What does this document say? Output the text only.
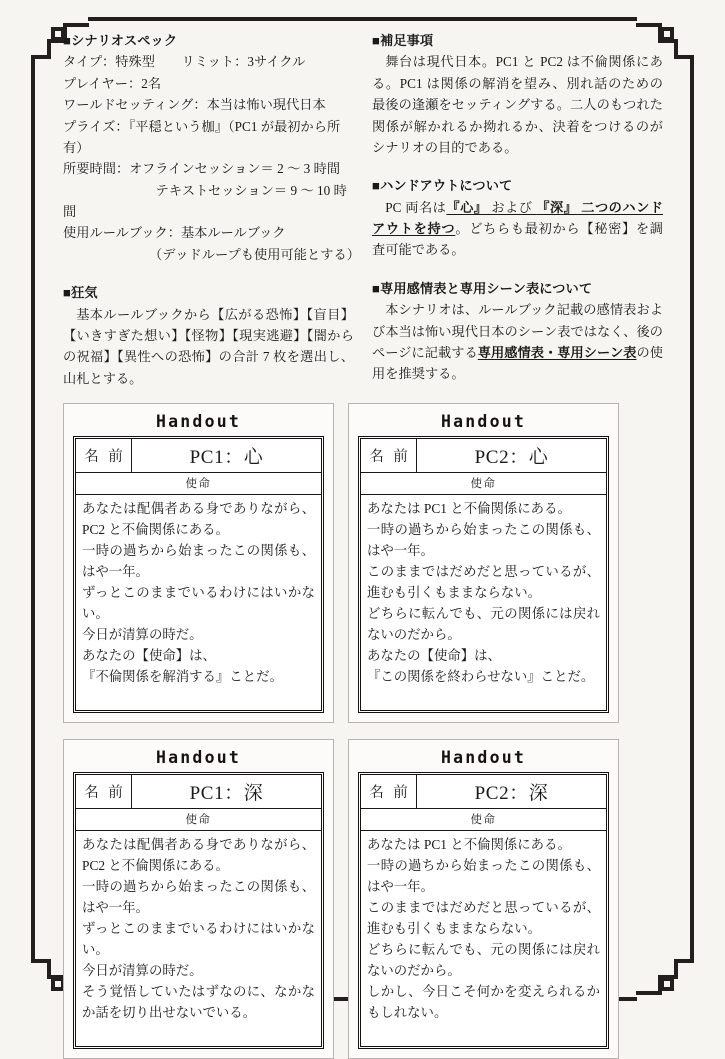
■シナリオスペック

タイプ：特殊型　　リミット：3サイクル

プレイヤー：2名

ワールドセッティング：本当は怖い現代日本

プライズ：『平穏という枷』（PC1 が最初から所有）

所要時間：オフラインセッション＝ 2 〜 3 時間

　　　　　　　テキストセッション＝ 9 〜 10 時間

使用ルールブック：基本ルールブック

　　　　　　　（デッドループも使用可能とする）

■狂気

基本ルールブックから【広がる恐怖】【盲目】【いきすぎた想い】【怪物】【現実逃避】【闇からの祝福】【異性への恐怖】の合計 7 枚を選出し、山札とする。

■補足事項

舞台は現代日本。PC1 と PC2 は不倫関係にある。PC1 は関係の解消を望み、別れ話のための最後の逢瀬をセッティングする。二人のもつれた関係が解かれるか拗れるか、決着をつけるのがシナリオの目的である。

■ハンドアウトについて

PC 両名は『心』 および 『深』 二つのハンドアウトを持つ。どちらも最初から【秘密】を調査可能である。

■専用感情表と専用シーン表について

本シナリオは、ルールブック記載の感情表および本当は怖い現代日本のシーン表ではなく、後のページに記載する専用感情表・専用シーン表の使用を推奨する。

Handout
名 前	PC1：心
使命

あなたは配偶者ある身でありながら、PC2 と不倫関係にある。

一時の過ちから始まったこの関係も、はや一年。

ずっとこのままでいるわけにはいかない。

今日が清算の時だ。

あなたの【使命】は、

『不倫関係を解消する』ことだ。

Handout
名 前	PC2：心
使命

あなたは PC1 と不倫関係にある。

一時の過ちから始まったこの関係も、はや一年。

このままではだめだと思っているが、進むも引くもままならない。

どちらに転んでも、元の関係には戻れないのだから。

あなたの【使命】は、

『この関係を終わらせない』ことだ。

Handout
名 前	PC1：深
使命

あなたは配偶者ある身でありながら、PC2 と不倫関係にある。

一時の過ちから始まったこの関係も、はや一年。

ずっとこのままでいるわけにはいかない。

今日が清算の時だ。

そう覚悟していたはずなのに、なかなか話を切り出せないでいる。

Handout
名 前	PC2：深
使命

あなたは PC1 と不倫関係にある。

一時の過ちから始まったこの関係も、はや一年。

このままではだめだと思っているが、進むも引くもままならない。

どちらに転んでも、元の関係には戻れないのだから。

しかし、今日こそ何かを変えられるかもしれない。
